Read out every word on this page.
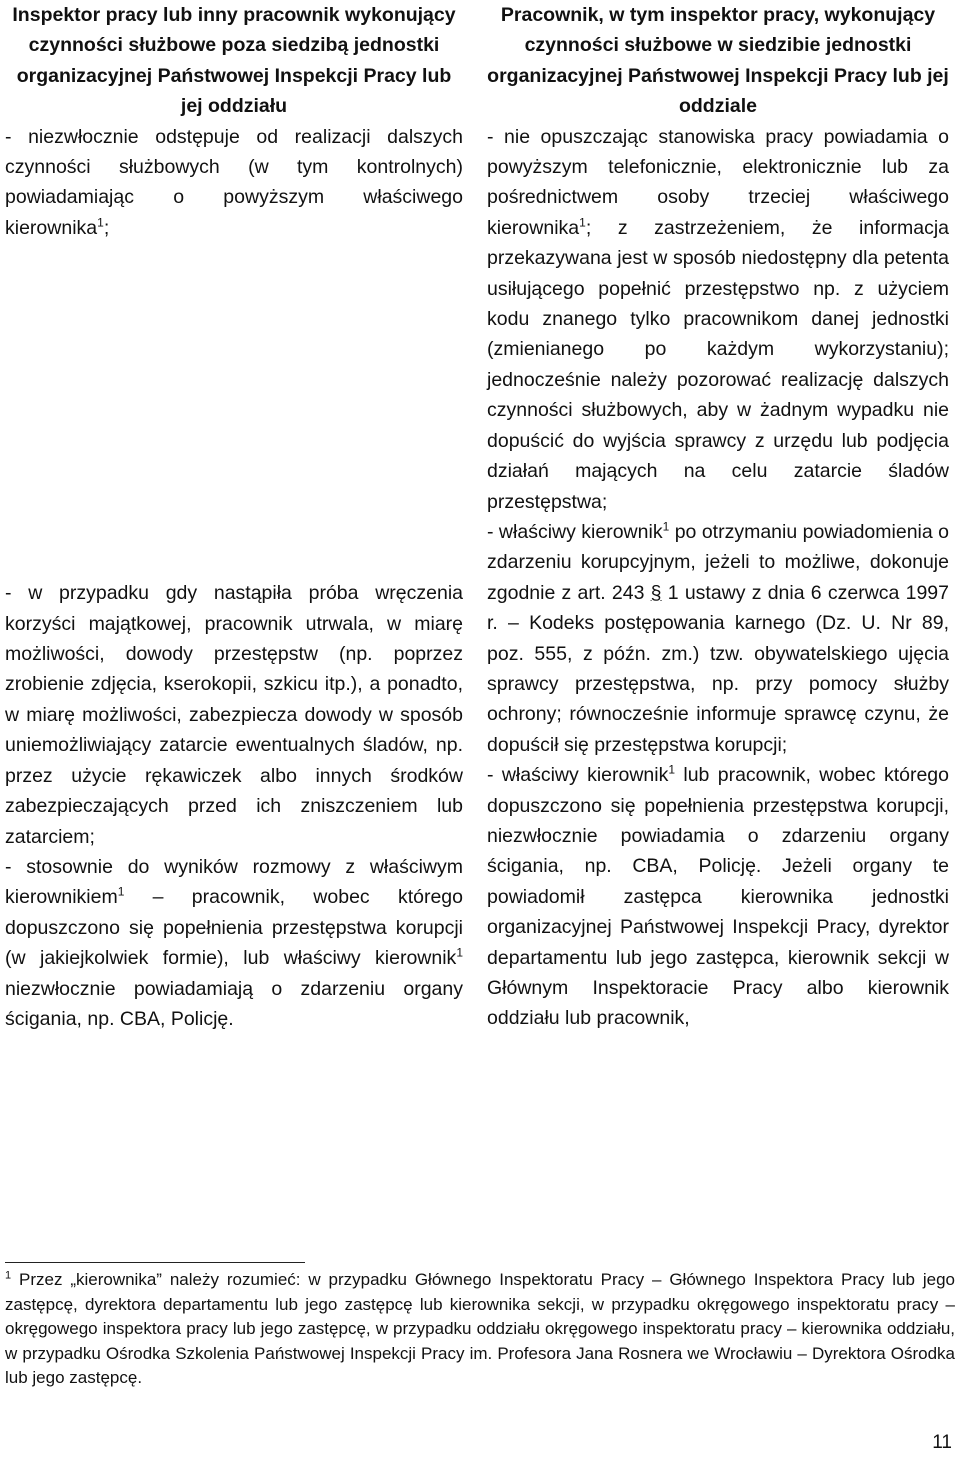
Inspektor pracy lub inny pracownik wykonujący czynności służbowe poza siedzibą jednostki organizacyjnej Państwowej Inspekcji Pracy lub jej oddziału

- niezwłocznie odstępuje od realizacji dalszych czynności służbowych (w tym kontrolnych) powiadamiając o powyższym właściwego kierownika$^1$;

- w przypadku gdy nastąpiła próba wręczenia korzyści majątkowej, pracownik utrwala, w miarę możliwości, dowody przestępstw (np. poprzez zrobienie zdjęcia, kserokopii, szkicu itp.), a ponadto, w miarę możliwości, zabezpiecza dowody w sposób uniemożliwiający zatarcie ewentualnych śladów, np. przez użycie rękawiczek albo innych środków zabezpieczających przed ich zniszczeniem lub zatarciem;

- stosownie do wyników rozmowy z właściwym kierownikiem$^1$ – pracownik, wobec którego dopuszczono się popełnienia przestępstwa korupcji (w jakiejkolwiek formie), lub właściwy kierownik$^1$ niezwłocznie powiadamiają o zdarzeniu organy ścigania, np. CBA, Policję.

Pracownik, w tym inspektor pracy, wykonujący czynności służbowe w siedzibie jednostki organizacyjnej Państwowej Inspekcji Pracy lub jej oddziale

- nie opuszczając stanowiska pracy powiadamia o powyższym telefonicznie, elektronicznie lub za pośrednictwem osoby trzeciej właściwego kierownika$^1$; z zastrzeżeniem, że informacja przekazywana jest w sposób niedostępny dla petenta usiłującego popełnić przestępstwo np. z użyciem kodu znanego tylko pracownikom danej jednostki (zmienianego po każdym wykorzystaniu); jednocześnie należy pozorować realizację dalszych czynności służbowych, aby w żadnym wypadku nie dopuścić do wyjścia sprawcy z urzędu lub podjęcia działań mających na celu zatarcie śladów przestępstwa;

- właściwy kierownik$^1$ po otrzymaniu powiadomienia o zdarzeniu korupcyjnym, jeżeli to możliwe, dokonuje zgodnie z art. 243 § 1 ustawy z dnia 6 czerwca 1997 r. – Kodeks postępowania karnego (Dz. U. Nr 89, poz. 555, z późn. zm.) tzw. obywatelskiego ujęcia sprawcy przestępstwa, np. przy pomocy służby ochrony; równocześnie informuje sprawcę czynu, że dopuścił się przestępstwa korupcji;

- właściwy kierownik$^1$ lub pracownik, wobec którego dopuszczono się popełnienia przestępstwa korupcji, niezwłocznie powiadamia o zdarzeniu organy ścigania, np. CBA, Policję. Jeżeli organy te powiadomił zastępca kierownika jednostki organizacyjnej Państwowej Inspekcji Pracy, dyrektor departamentu lub jego zastępca, kierownik sekcji w Głównym Inspektoracie Pracy albo kierownik oddziału lub pracownik,

$^1$ Przez „kierownika” należy rozumieć: w przypadku Głównego Inspektoratu Pracy – Głównego Inspektora Pracy lub jego zastępcę, dyrektora departamentu lub jego zastępcę lub kierownika sekcji, w przypadku okręgowego inspektoratu pracy – okręgowego inspektora pracy lub jego zastępcę, w przypadku oddziału okręgowego inspektoratu pracy – kierownika oddziału, w przypadku Ośrodka Szkolenia Państwowej Inspekcji Pracy im. Profesora Jana Rosnera we Wrocławiu – Dyrektora Ośrodka lub jego zastępcę.

11
